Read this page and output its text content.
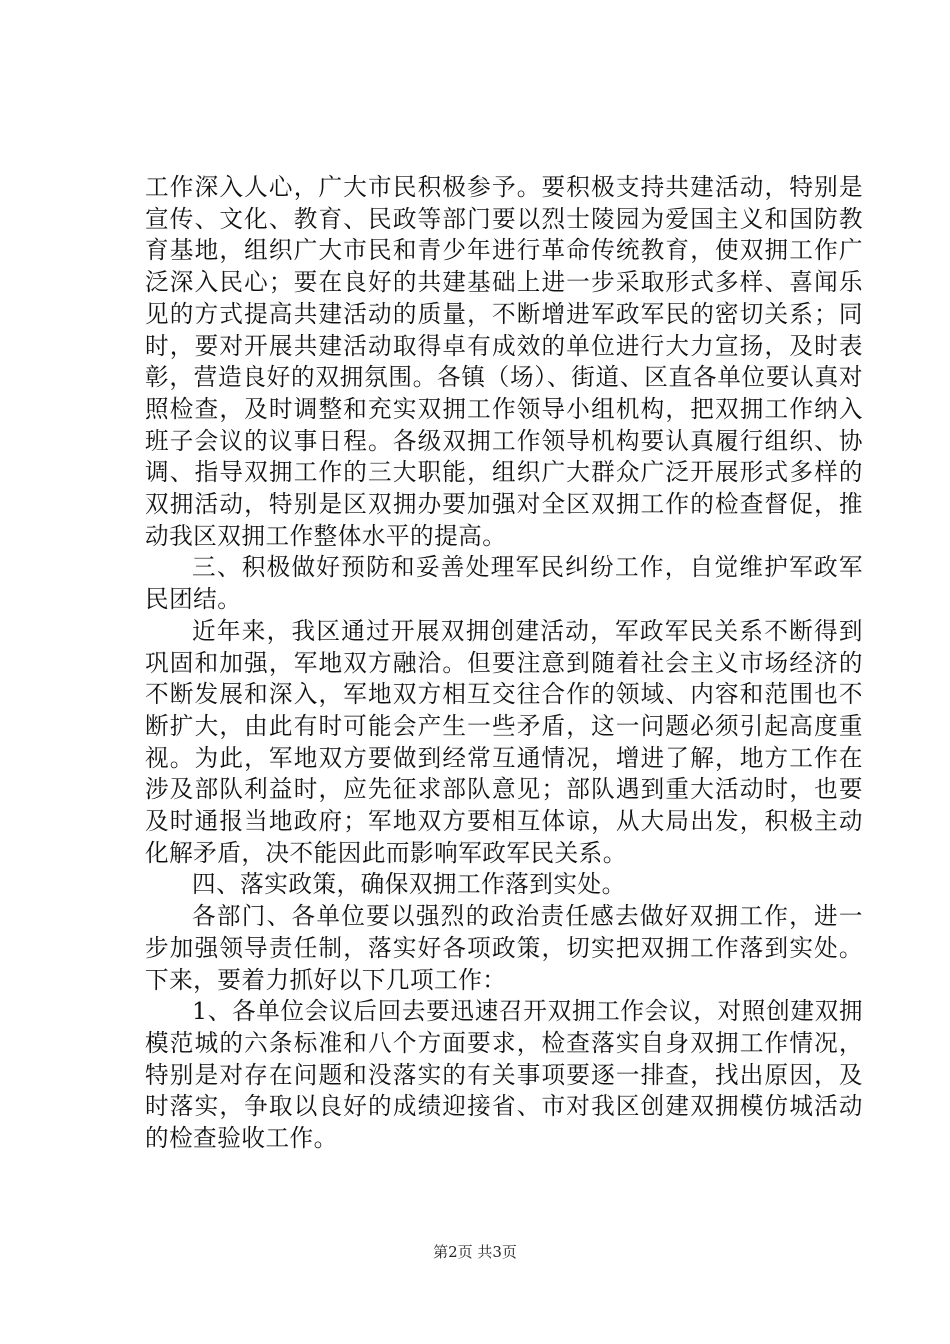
工作深入人心，广大市民积极参予。要积极支持共建活动，特别是宣传、文化、教育、民政等部门要以烈士陵园为爱国主义和国防教育基地，组织广大市民和青少年进行革命传统教育，使双拥工作广泛深入民心；要在良好的共建基础上进一步采取形式多样、喜闻乐见的方式提高共建活动的质量，不断增进军政军民的密切关系；同时，要对开展共建活动取得卓有成效的单位进行大力宣扬，及时表彰，营造良好的双拥氛围。各镇（场）、街道、区直各单位要认真对照检查，及时调整和充实双拥工作领导小组机构，把双拥工作纳入班子会议的议事日程。各级双拥工作领导机构要认真履行组织、协调、指导双拥工作的三大职能，组织广大群众广泛开展形式多样的双拥活动，特别是区双拥办要加强对全区双拥工作的检查督促，推动我区双拥工作整体水平的提高。

三、积极做好预防和妥善处理军民纠纷工作，自觉维护军政军民团结。

近年来，我区通过开展双拥创建活动，军政军民关系不断得到巩固和加强，军地双方融洽。但要注意到随着社会主义市场经济的不断发展和深入，军地双方相互交往合作的领域、内容和范围也不断扩大，由此有时可能会产生一些矛盾，这一问题必须引起高度重视。为此，军地双方要做到经常互通情况，增进了解，地方工作在涉及部队利益时，应先征求部队意见；部队遇到重大活动时，也要及时通报当地政府；军地双方要相互体谅，从大局出发，积极主动化解矛盾，决不能因此而影响军政军民关系。

四、落实政策，确保双拥工作落到实处。

各部门、各单位要以强烈的政治责任感去做好双拥工作，进一步加强领导责任制，落实好各项政策，切实把双拥工作落到实处。下来，要着力抓好以下几项工作：

1、各单位会议后回去要迅速召开双拥工作会议，对照创建双拥模范城的六条标准和八个方面要求，检查落实自身双拥工作情况，特别是对存在问题和没落实的有关事项要逐一排查，找出原因，及时落实，争取以良好的成绩迎接省、市对我区创建双拥模仿城活动的检查验收工作。

第2页 共3页
